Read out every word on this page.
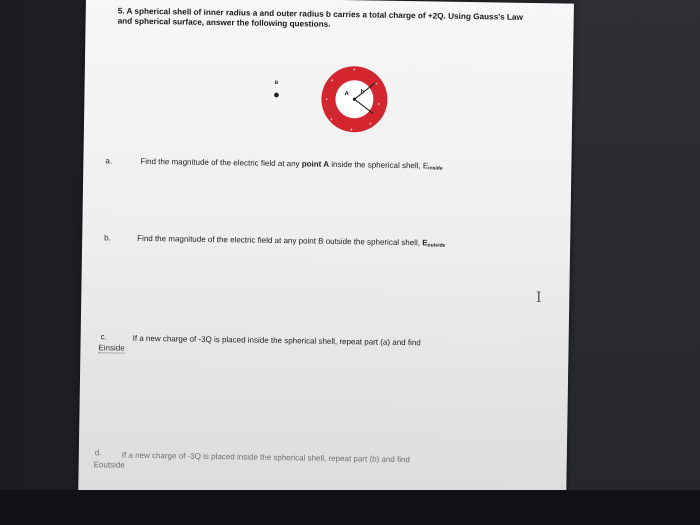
5. A spherical shell of inner radius a and outer radius b carries a total charge of +2Q. Using Gauss's Law and spherical surface, answer the following questions.
+
+
+
+
+
+
+
+
A b
a
B
a.	Find the magnitude of the electric field at any point A inside the spherical shell, $E_{inside}$
b.	Find the magnitude of the electric field at any point B outside the spherical shell, $E_{outside}$
c.	If a new charge of -3Q is placed inside the spherical shell, repeat part (a) and find
Einside
d.	If a new charge of -3Q is placed inside the spherical shell, repeat part (b) and find
Eoutside
I
